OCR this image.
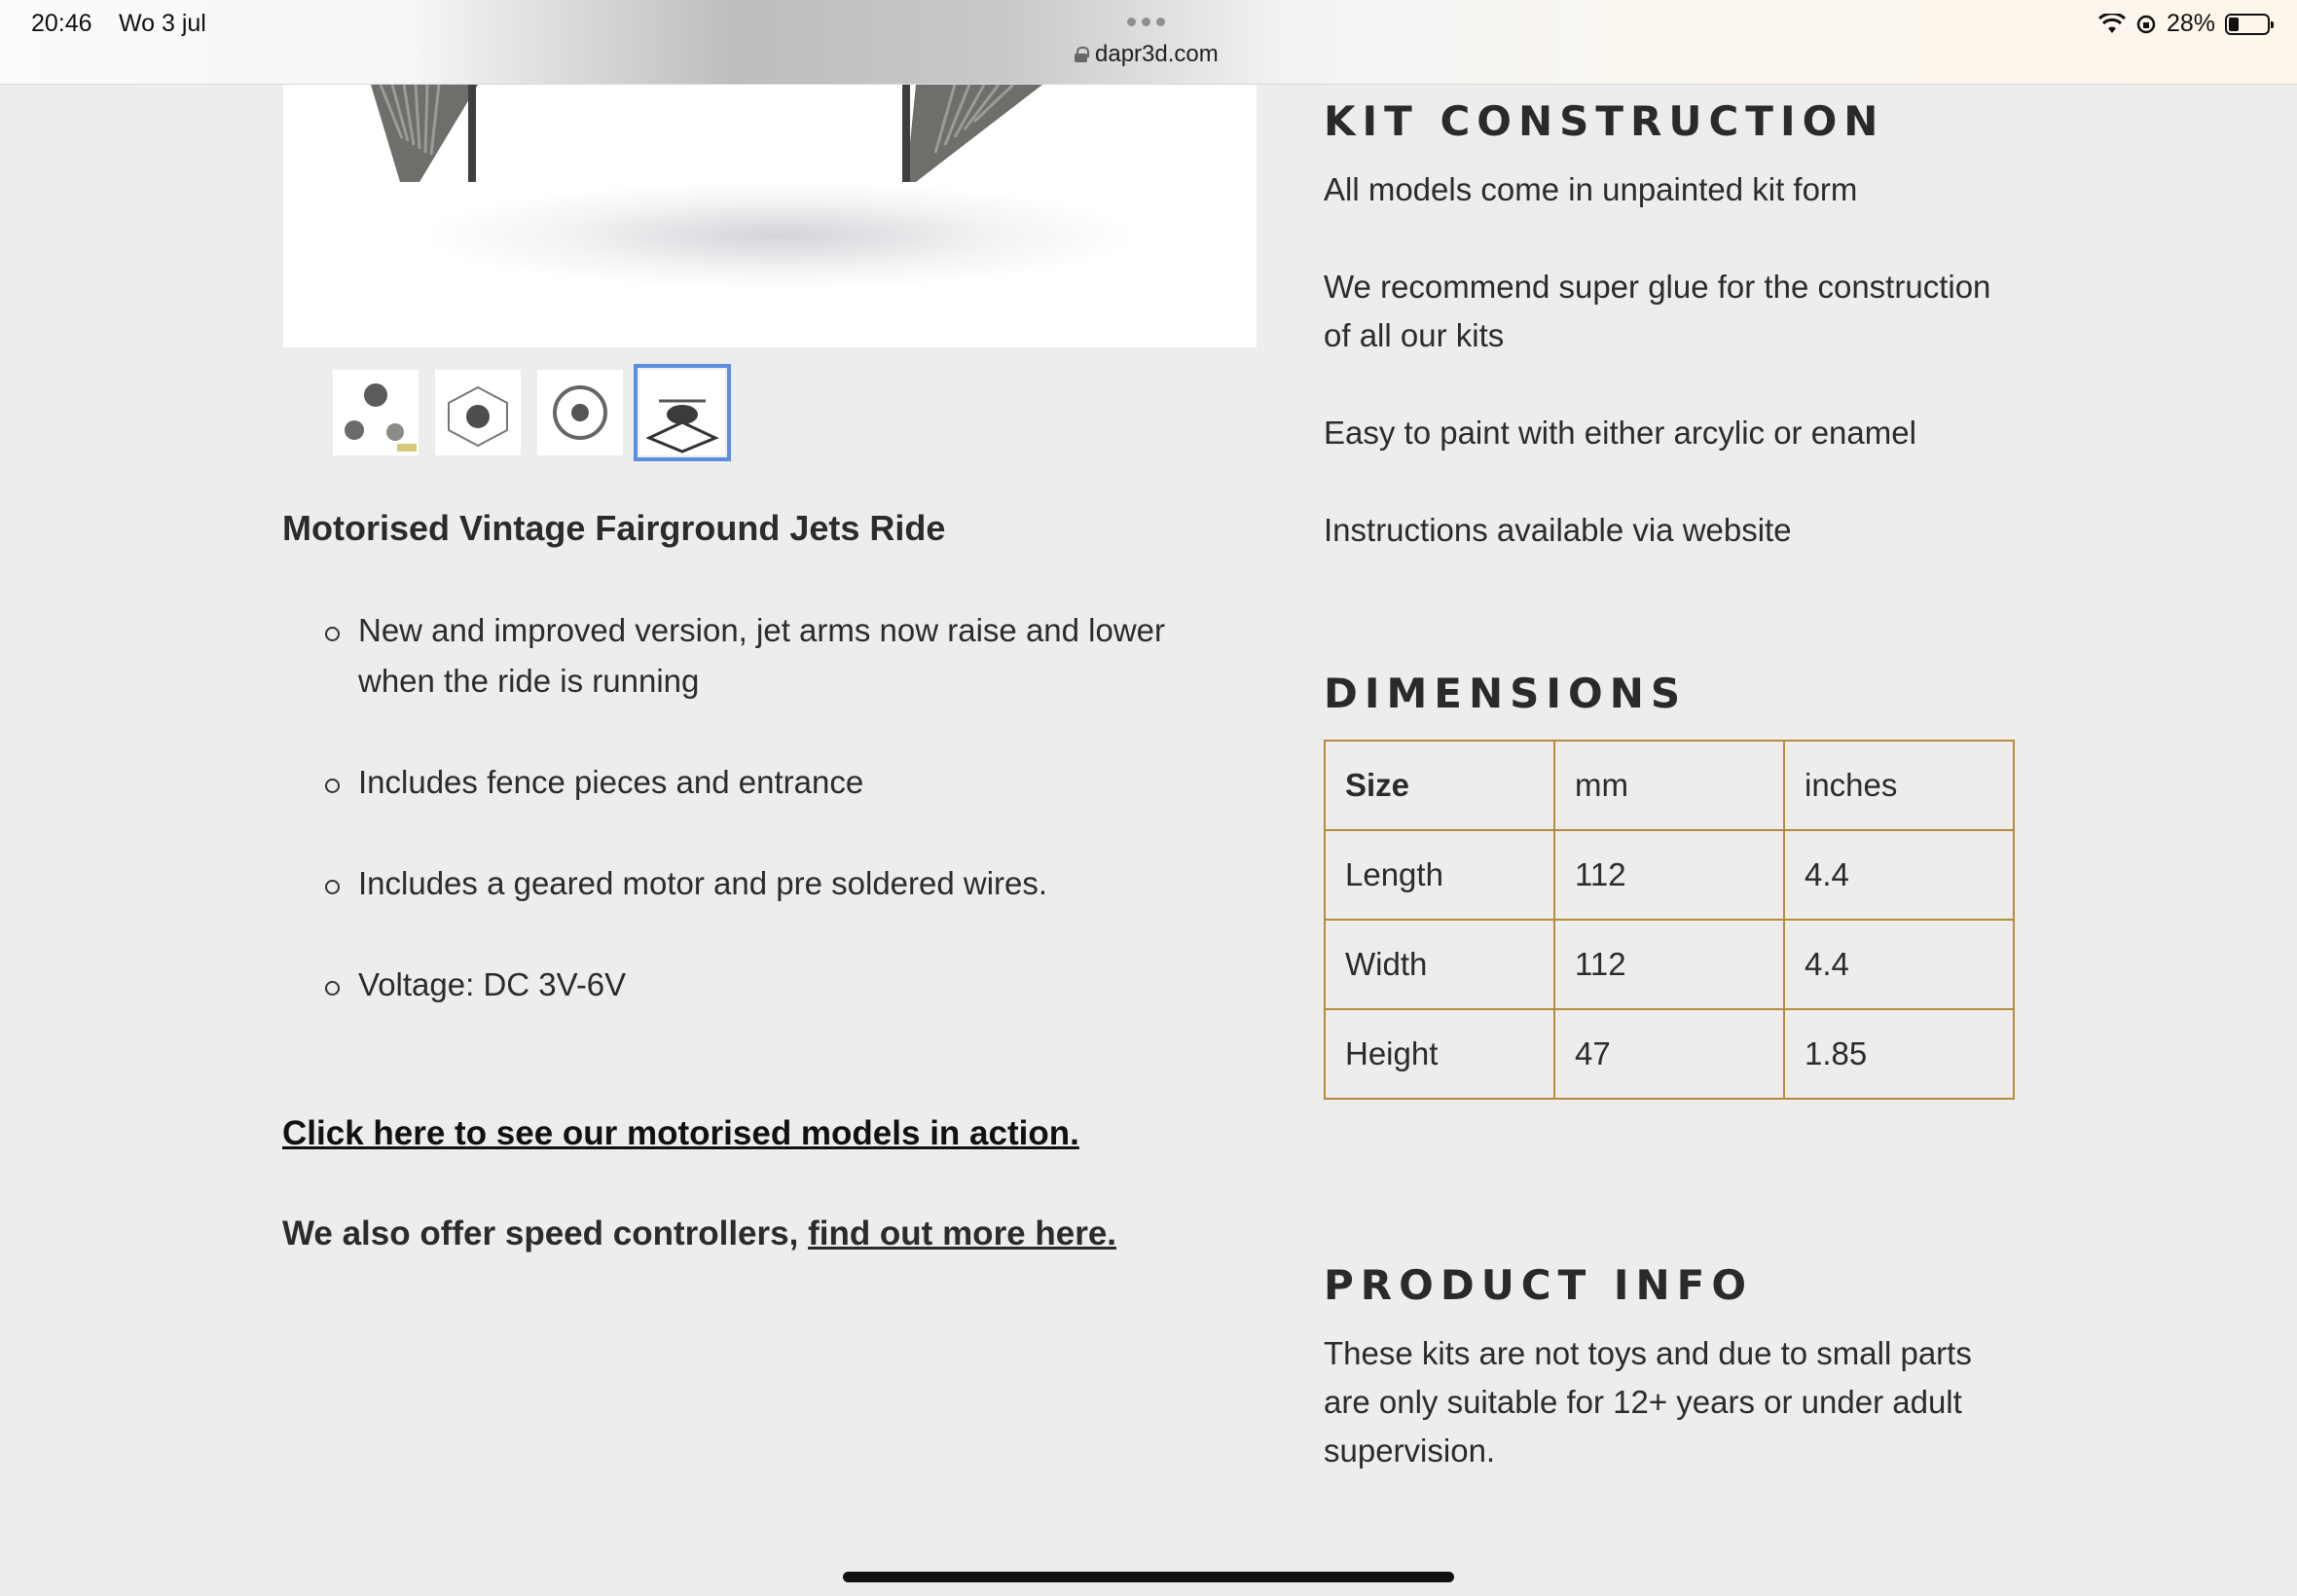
20:46 Wo 3 jul
dapr3d.com
28%
Motorised Vintage Fairground Jets Ride
New and improved version, jet arms now raise and lower when the ride is running
Includes fence pieces and entrance
Includes a geared motor and pre soldered wires.
Voltage: DC 3V-6V
Click here to see our motorised models in action.

We also offer speed controllers, find out more here.

KIT CONSTRUCTION

All models come in unpainted kit form

We recommend super glue for the construction of all our kits

Easy to paint with either arcylic or enamel

Instructions available via website

DIMENSIONS
Size	mm	inches
Length	112	4.4
Width	112	4.4
Height	47	1.85
PRODUCT INFO

These kits are not toys and due to small parts are only suitable for 12+ years or under adult supervision.
